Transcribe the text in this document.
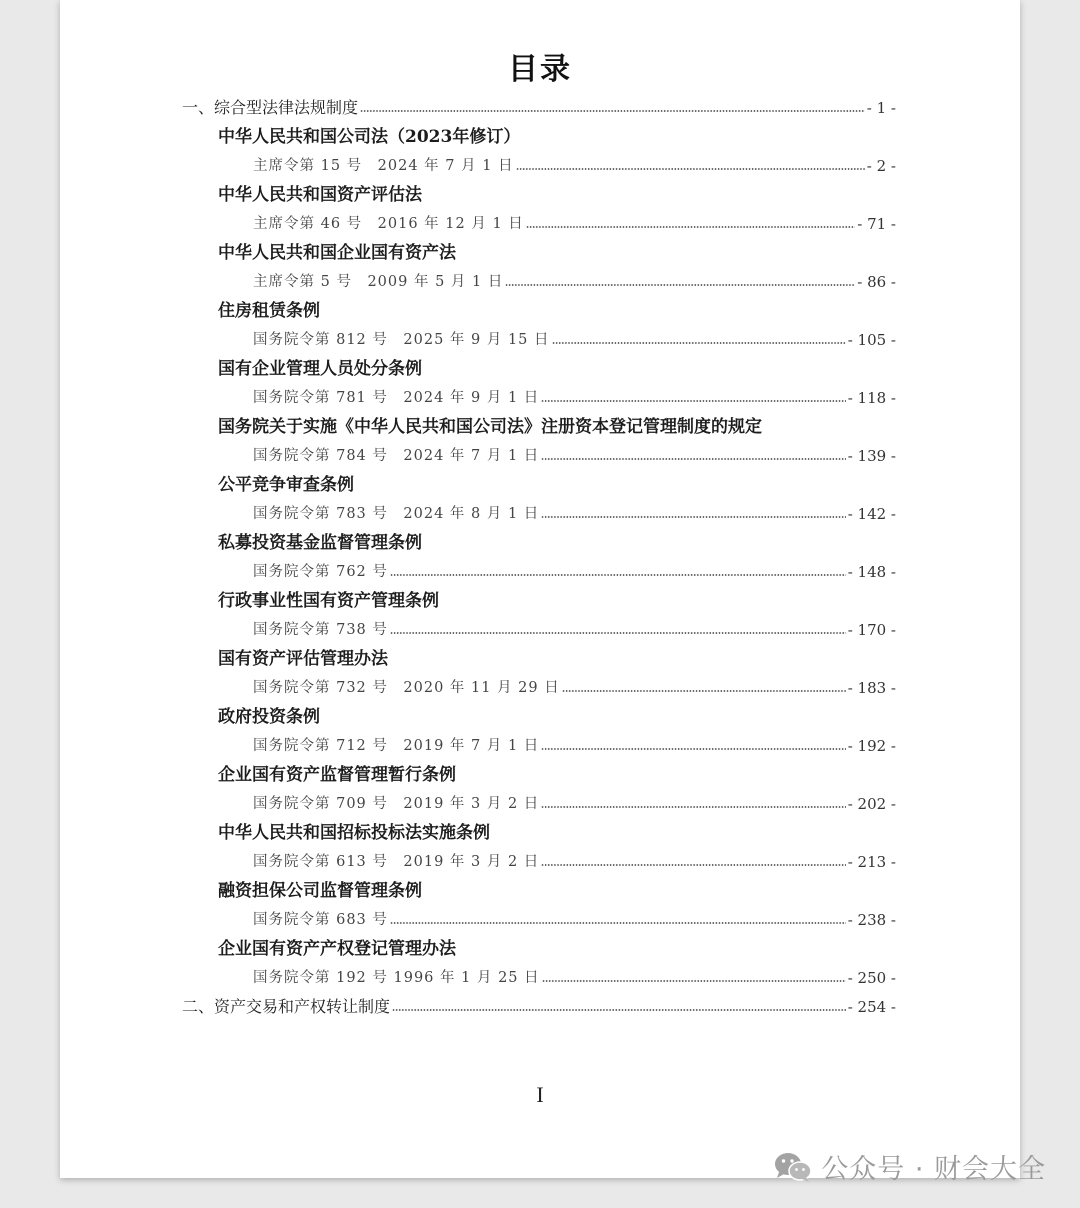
目录
一、综合型法律法规制度	- 1 -
中华人民共和国公司法（2023年修订）
主席令第 15 号　2024 年 7 月 1 日	- 2 -
中华人民共和国资产评估法
主席令第 46 号　2016 年 12 月 1 日	- 71 -
中华人民共和国企业国有资产法
主席令第 5 号　2009 年 5 月 1 日	- 86 -
住房租赁条例
国务院令第 812 号　2025 年 9 月 15 日	- 105 -
国有企业管理人员处分条例
国务院令第 781 号　2024 年 9 月 1 日	- 118 -
国务院关于实施《中华人民共和国公司法》注册资本登记管理制度的规定
国务院令第 784 号　2024 年 7 月 1 日	- 139 -
公平竞争审查条例
国务院令第 783 号　2024 年 8 月 1 日	- 142 -
私募投资基金监督管理条例
国务院令第 762 号	- 148 -
行政事业性国有资产管理条例
国务院令第 738 号	- 170 -
国有资产评估管理办法
国务院令第 732 号　2020 年 11 月 29 日	- 183 -
政府投资条例
国务院令第 712 号　2019 年 7 月 1 日	- 192 -
企业国有资产监督管理暂行条例
国务院令第 709 号　2019 年 3 月 2 日	- 202 -
中华人民共和国招标投标法实施条例
国务院令第 613 号　2019 年 3 月 2 日	- 213 -
融资担保公司监督管理条例
国务院令第 683 号	- 238 -
企业国有资产产权登记管理办法
国务院令第 192 号 1996 年 1 月 25 日	- 250 -
二、资产交易和产权转让制度	- 254 -
I
公众号 · 财会大全
